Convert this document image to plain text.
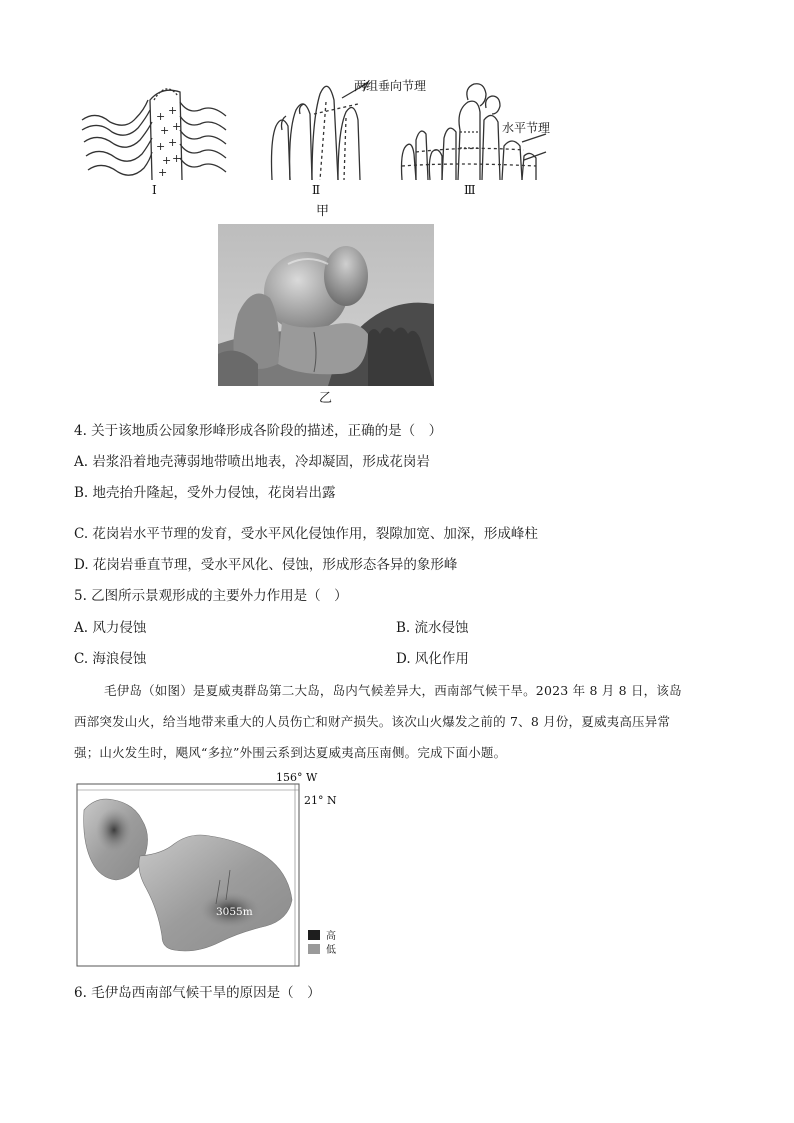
+ +
+ +
+ +
+ +
+
两组垂向节理
水平节理
Ⅰ	Ⅱ	Ⅲ
甲
乙
4. 关于该地质公园象形峰形成各阶段的描述，正确的是（　）
A. 岩浆沿着地壳薄弱地带喷出地表，冷却凝固，形成花岗岩
B. 地壳抬升隆起，受外力侵蚀，花岗岩出露
C. 花岗岩水平节理的发育，受水平风化侵蚀作用，裂隙加宽、加深，形成峰柱
D. 花岗岩垂直节理，受水平风化、侵蚀，形成形态各异的象形峰
5. 乙图所示景观形成的主要外力作用是（　）
A. 风力侵蚀	B. 流水侵蚀
C. 海浪侵蚀	D. 风化作用
毛伊岛（如图）是夏威夷群岛第二大岛，岛内气候差异大，西南部气候干旱。2023 年 8 月 8 日，该岛
西部突发山火，给当地带来重大的人员伤亡和财产损失。该次山火爆发之前的 7、8 月份，夏威夷高压异常
强；山火发生时，飓风“多拉”外围云系到达夏威夷高压南侧。完成下面小题。
156° W
21° N
3055m
高
低
6. 毛伊岛西南部气候干旱的原因是（　）
